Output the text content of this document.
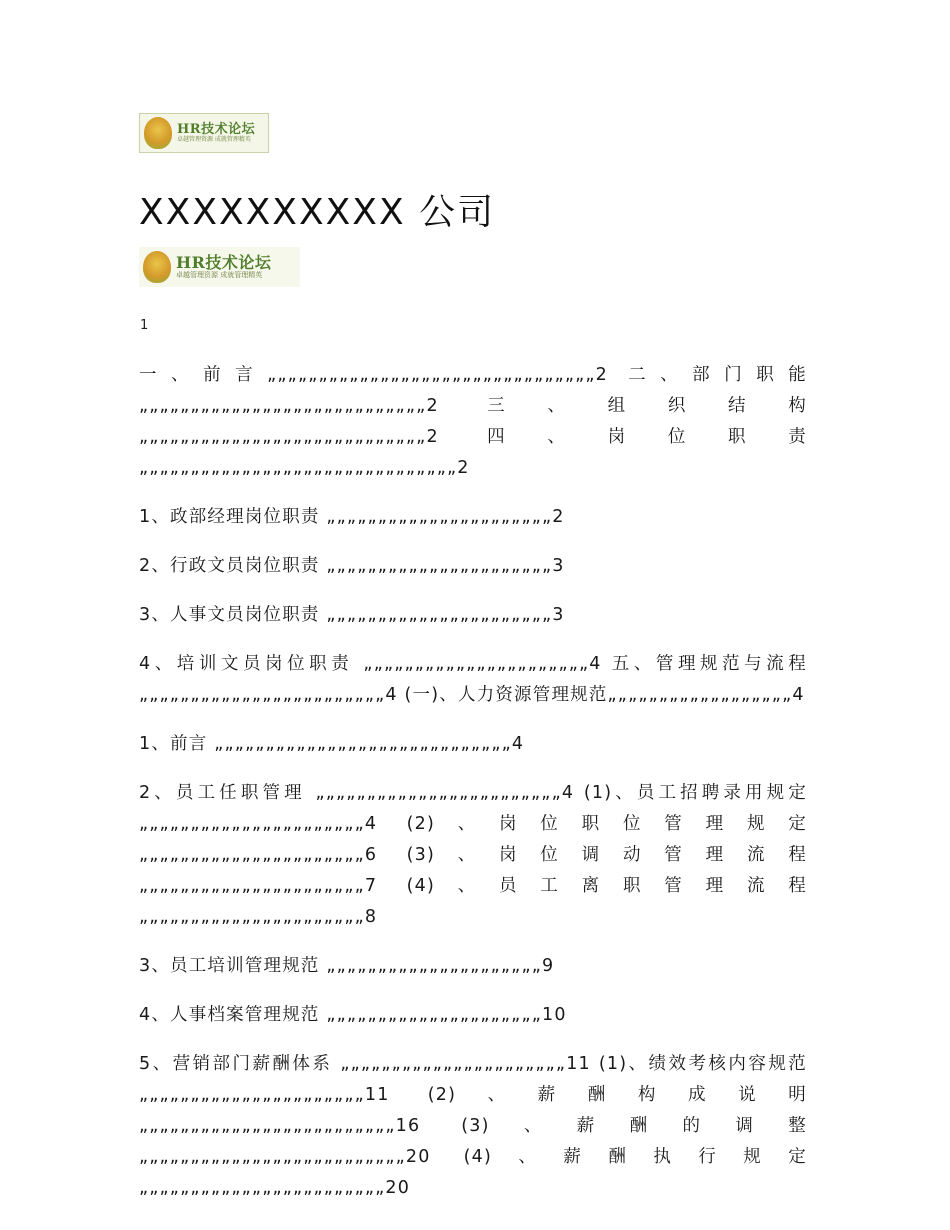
HR技术论坛
卓越管理资源 成就管理精英
XXXXXXXXXX 公司
HR技术论坛
卓越管理资源 成就管理精英
1

一、前言„„„„„„„„„„„„„„„„„„„„„„„„„„„„„„„„2 二、部门职能„„„„„„„„„„„„„„„„„„„„„„„„„„„„2 三、组织结构„„„„„„„„„„„„„„„„„„„„„„„„„„„„2 四、岗位职责„„„„„„„„„„„„„„„„„„„„„„„„„„„„„„„2

1、政部经理岗位职责 „„„„„„„„„„„„„„„„„„„„„„2

2、行政文员岗位职责 „„„„„„„„„„„„„„„„„„„„„„3

3、人事文员岗位职责 „„„„„„„„„„„„„„„„„„„„„„3

4、培训文员岗位职责 „„„„„„„„„„„„„„„„„„„„„„4 五、管理规范与流程„„„„„„„„„„„„„„„„„„„„„„„„4 (一)、人力资源管理规范„„„„„„„„„„„„„„„„„„4

1、前言 „„„„„„„„„„„„„„„„„„„„„„„„„„„„„4

2、员工任职管理 „„„„„„„„„„„„„„„„„„„„„„„„4 (1)、员工招聘录用规定 „„„„„„„„„„„„„„„„„„„„„„4 (2)、岗位职位管理规定 „„„„„„„„„„„„„„„„„„„„„„6 (3)、岗位调动管理流程 „„„„„„„„„„„„„„„„„„„„„„7 (4)、员工离职管理流程 „„„„„„„„„„„„„„„„„„„„„„8

3、员工培训管理规范 „„„„„„„„„„„„„„„„„„„„„9

4、人事档案管理规范 „„„„„„„„„„„„„„„„„„„„„10

5、营销部门薪酬体系 „„„„„„„„„„„„„„„„„„„„„„11 (1)、绩效考核内容规范 „„„„„„„„„„„„„„„„„„„„„„11 (2)、薪酬构成说明 „„„„„„„„„„„„„„„„„„„„„„„„„16 (3)、薪酬的调整 „„„„„„„„„„„„„„„„„„„„„„„„„„20 (4)、薪酬执行规定 „„„„„„„„„„„„„„„„„„„„„„„„20
